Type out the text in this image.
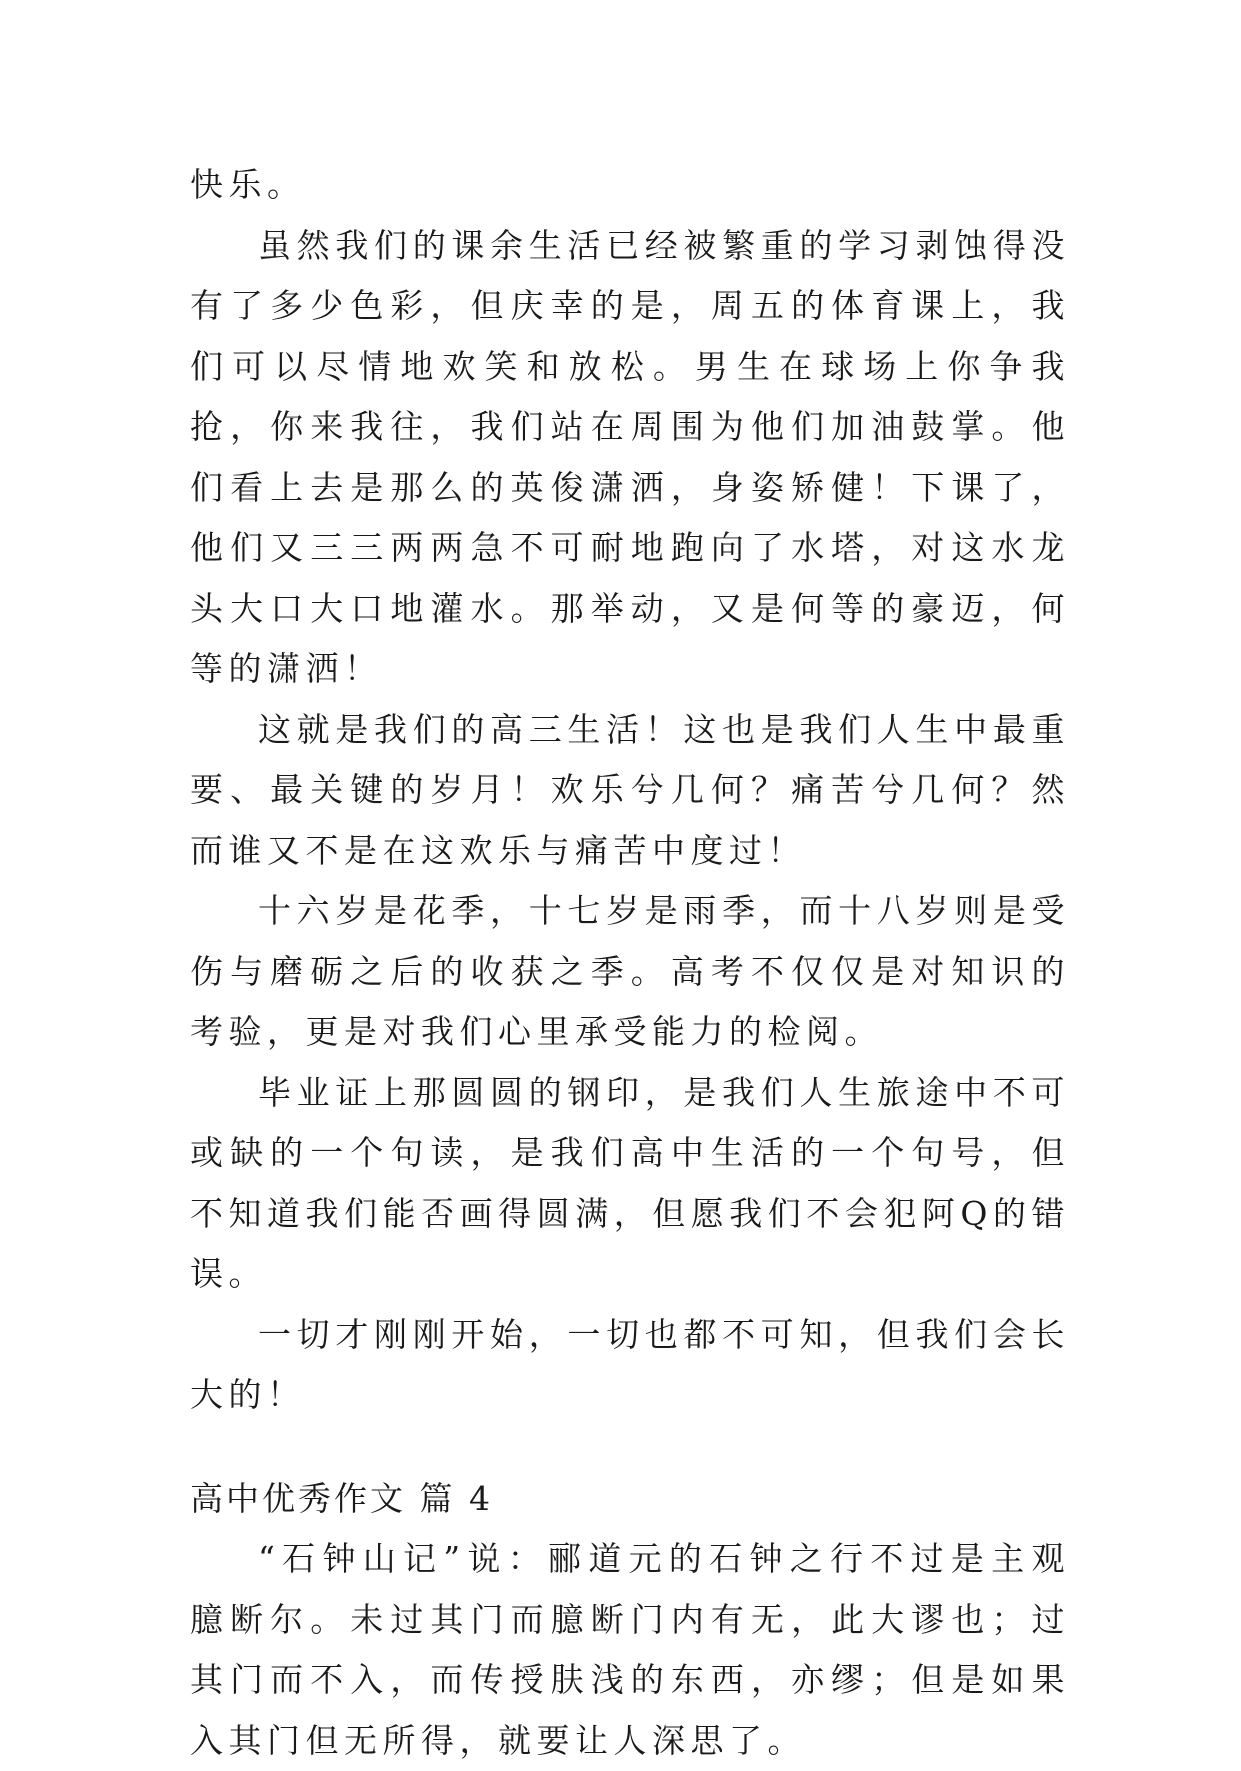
快乐。

虽然我们的课余生活已经被繁重的学习剥蚀得没有了多少色彩，但庆幸的是，周五的体育课上，我们可以尽情地欢笑和放松。男生在球场上你争我抢，你来我往，我们站在周围为他们加油鼓掌。他们看上去是那么的英俊潇洒，身姿矫健！下课了，他们又三三两两急不可耐地跑向了水塔，对这水龙头大口大口地灌水。那举动，又是何等的豪迈，何等的潇洒！

这就是我们的高三生活！这也是我们人生中最重要、最关键的岁月！欢乐兮几何？痛苦兮几何？然而谁又不是在这欢乐与痛苦中度过！

十六岁是花季，十七岁是雨季，而十八岁则是受伤与磨砺之后的收获之季。高考不仅仅是对知识的考验，更是对我们心里承受能力的检阅。

毕业证上那圆圆的钢印，是我们人生旅途中不可或缺的一个句读，是我们高中生活的一个句号，但不知道我们能否画得圆满，但愿我们不会犯阿Q的错误。

一切才刚刚开始，一切也都不可知，但我们会长大的！

高中优秀作文 篇 4

“石钟山记”说：郦道元的石钟之行不过是主观臆断尔。未过其门而臆断门内有无，此大谬也；过其门而不入，而传授肤浅的东西，亦缪；但是如果入其门但无所得，就要让人深思了。
